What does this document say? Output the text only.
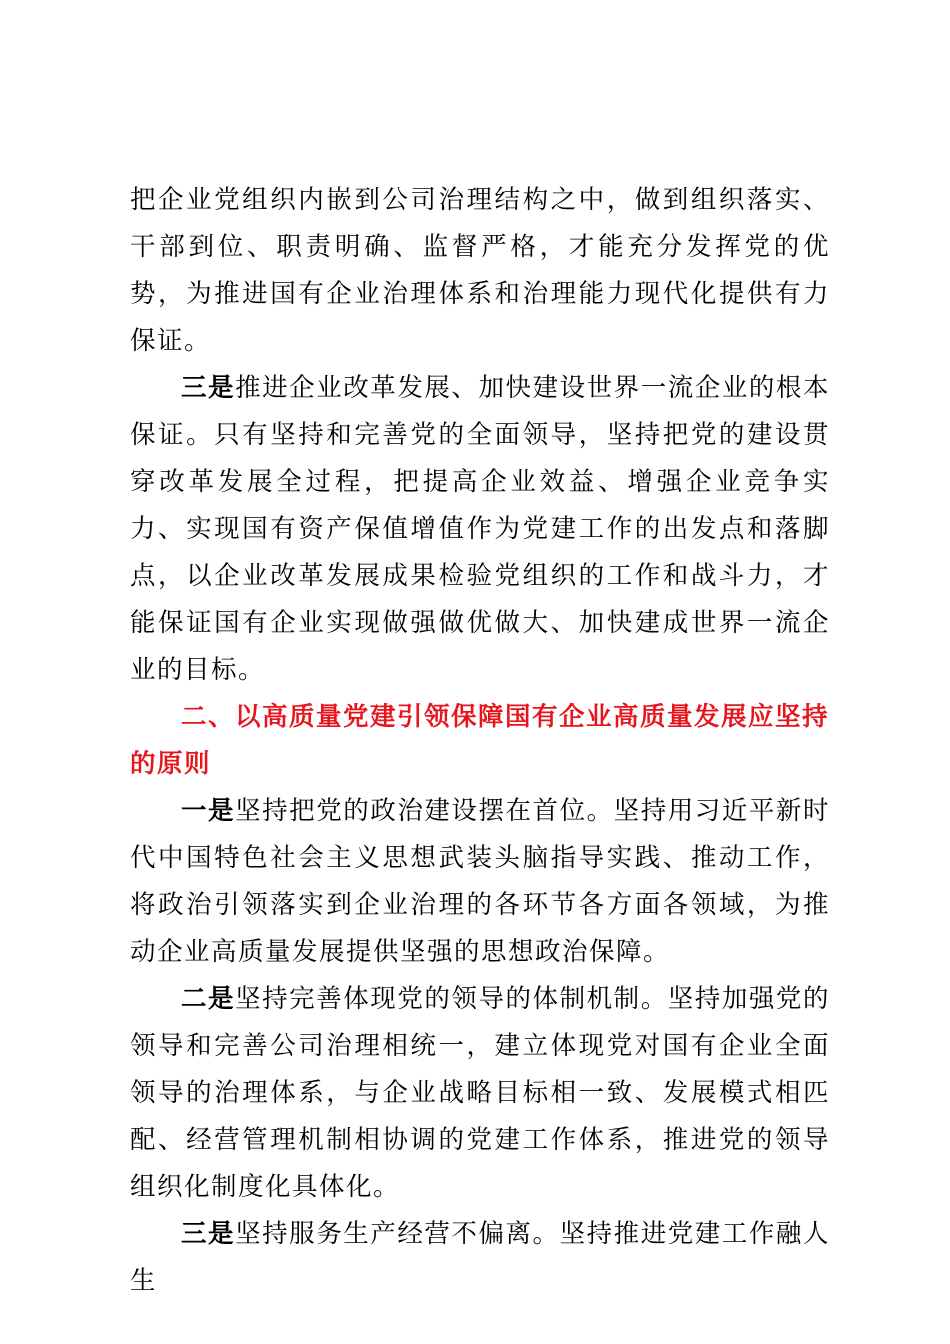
把企业党组织内嵌到公司治理结构之中，做到组织落实、干部到位、职责明确、监督严格，才能充分发挥党的优势，为推进国有企业治理体系和治理能力现代化提供有力保证。

三是推进企业改革发展、加快建设世界一流企业的根本保证。只有坚持和完善党的全面领导，坚持把党的建设贯穿改革发展全过程，把提高企业效益、增强企业竞争实力、实现国有资产保值增值作为党建工作的出发点和落脚点，以企业改革发展成果检验党组织的工作和战斗力，才能保证国有企业实现做强做优做大、加快建成世界一流企业的目标。

二、以高质量党建引领保障国有企业高质量发展应坚持的原则

一是坚持把党的政治建设摆在首位。坚持用习近平新时代中国特色社会主义思想武装头脑指导实践、推动工作，将政治引领落实到企业治理的各环节各方面各领域，为推动企业高质量发展提供坚强的思想政治保障。

二是坚持完善体现党的领导的体制机制。坚持加强党的领导和完善公司治理相统一，建立体现党对国有企业全面领导的治理体系，与企业战略目标相一致、发展模式相匹配、经营管理机制相协调的党建工作体系，推进党的领导组织化制度化具体化。

三是坚持服务生产经营不偏离。坚持推进党建工作融人生
